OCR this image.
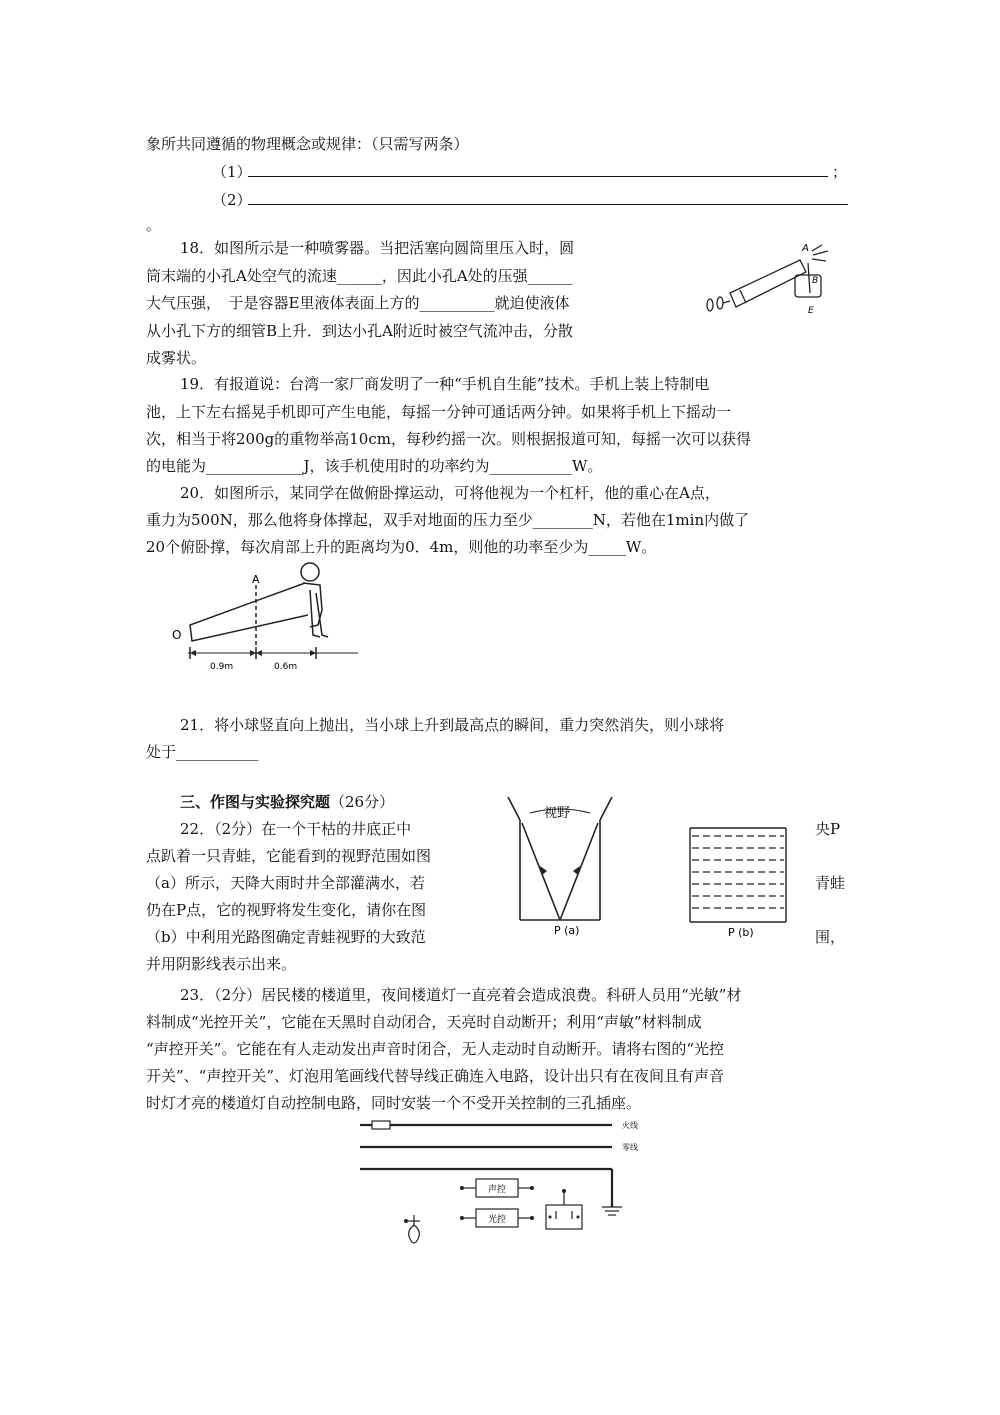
象所共同遵循的物理概念或规律：（只需写两条）
（1）	；
（2）
。
18．如图所示是一种喷雾器。当把活塞向圆筒里压入时，圆
筒末端的小孔A处空气的流速______，因此小孔A处的压强______
大气压强，　于是容器E里液体表面上方的__________就迫使液体
从小孔下方的细管B上升．到达小孔A附近时被空气流冲击，分散
成雾状。
A
B
E
19．有报道说：台湾一家厂商发明了一种“手机自生能”技术。手机上装上特制电
池，上下左右摇晃手机即可产生电能，每摇一分钟可通话两分钟。如果将手机上下摇动一
次，相当于将200g的重物举高10cm，每秒约摇一次。则根据报道可知，每摇一次可以获得
的电能为_____________J，该手机使用时的功率约为___________W。
20．如图所示，某同学在做俯卧撑运动，可将他视为一个杠杆，他的重心在A点，
重力为500N，那么他将身体撑起，双手对地面的压力至少________N，若他在1min内做了
20个俯卧撑，每次肩部上升的距离均为0．4m，则他的功率至少为_____W。
O
A
0.9m	0.6m
21．将小球竖直向上抛出，当小球上升到最高点的瞬间，重力突然消失，则小球将
处于___________
三、作图与实验探究题（26分）
22．（2分）在一个干枯的井底正中
点趴着一只青蛙，它能看到的视野范围如图
（a）所示，天降大雨时井全部灌满水，若
仍在P点，它的视野将发生变化，请你在图
（b）中利用光路图确定青蛙视野的大致范
并用阴影线表示出来。
央P
青蛙
围，
视野
P (a)	P (b)
23．（2分）居民楼的楼道里，夜间楼道灯一直亮着会造成浪费。科研人员用“光敏”材
料制成“光控开关”，它能在天黑时自动闭合，天亮时自动断开；利用“声敏”材料制成
“声控开关”。它能在有人走动发出声音时闭合，无人走动时自动断开。请将右图的“光控
开关”、“声控开关”、灯泡用笔画线代替导线正确连入电路，设计出只有在夜间且有声音
时灯才亮的楼道灯自动控制电路，同时安装一个不受开关控制的三孔插座。
火线
零线
声控
光控
